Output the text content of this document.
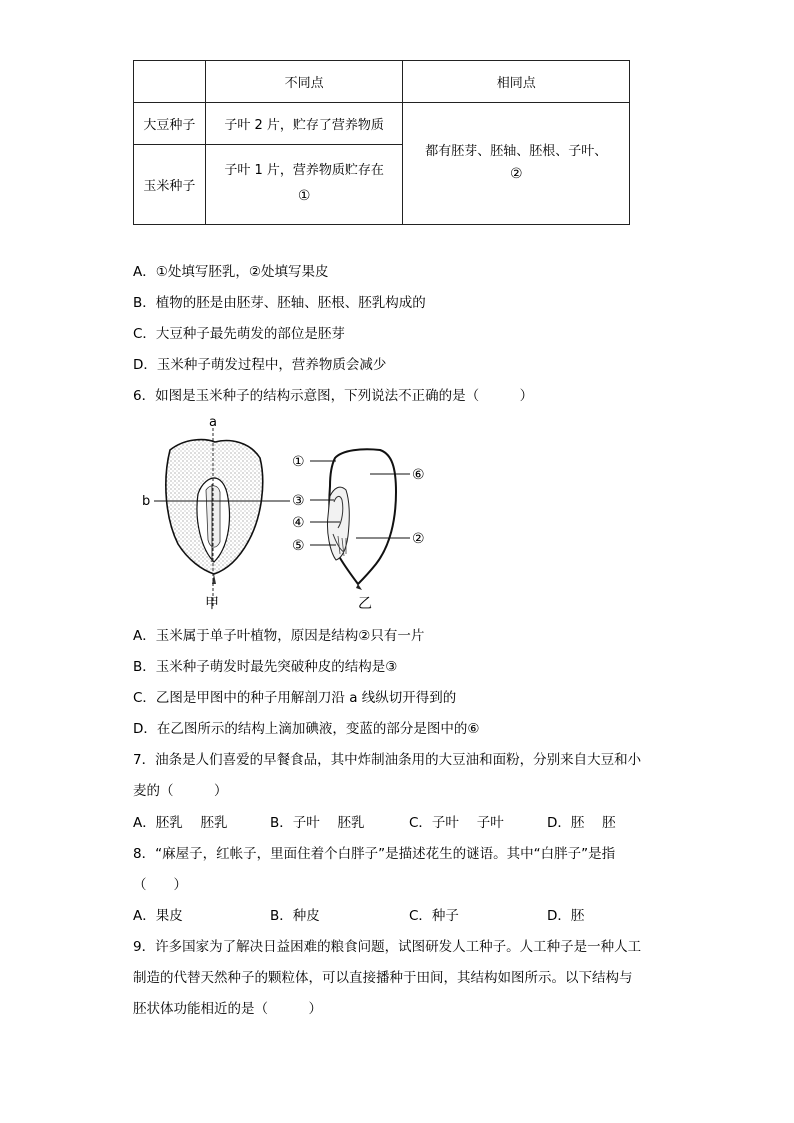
	不同点	相同点
大豆种子	子叶 2 片，贮存了营养物质	都有胚芽、胚轴、胚根、子叶、
②

玉米种子	子叶 1 片，营养物质贮存在
①	
A．①处填写胚乳，②处填写果皮
B．植物的胚是由胚芽、胚轴、胚根、胚乳构成的
C．大豆种子最先萌发的部位是胚芽
D．玉米种子萌发过程中，营养物质会减少
6．如图是玉米种子的结构示意图，下列说法不正确的是（　　　）
a
b
甲
①
③
④
⑤
⑥
②
乙
A．玉米属于单子叶植物，原因是结构②只有一片
B．玉米种子萌发时最先突破种皮的结构是③
C．乙图是甲图中的种子用解剖刀沿 a 线纵切开得到的
D．在乙图所示的结构上滴加碘液，变蓝的部分是图中的⑥
7．油条是人们喜爱的早餐食品，其中炸制油条用的大豆油和面粉，分别来自大豆和小
麦的（　　　）
A．胚乳　 胚乳	B．子叶　 胚乳	C．子叶　 子叶	D．胚　 胚
8．“麻屋子，红帐子，里面住着个白胖子”是描述花生的谜语。其中“白胖子”是指
（　　）
A．果皮	B．种皮	C．种子	D．胚
9．许多国家为了解决日益困难的粮食问题，试图研发人工种子。人工种子是一种人工
制造的代替天然种子的颗粒体，可以直接播种于田间，其结构如图所示。以下结构与
胚状体功能相近的是（　　　）
